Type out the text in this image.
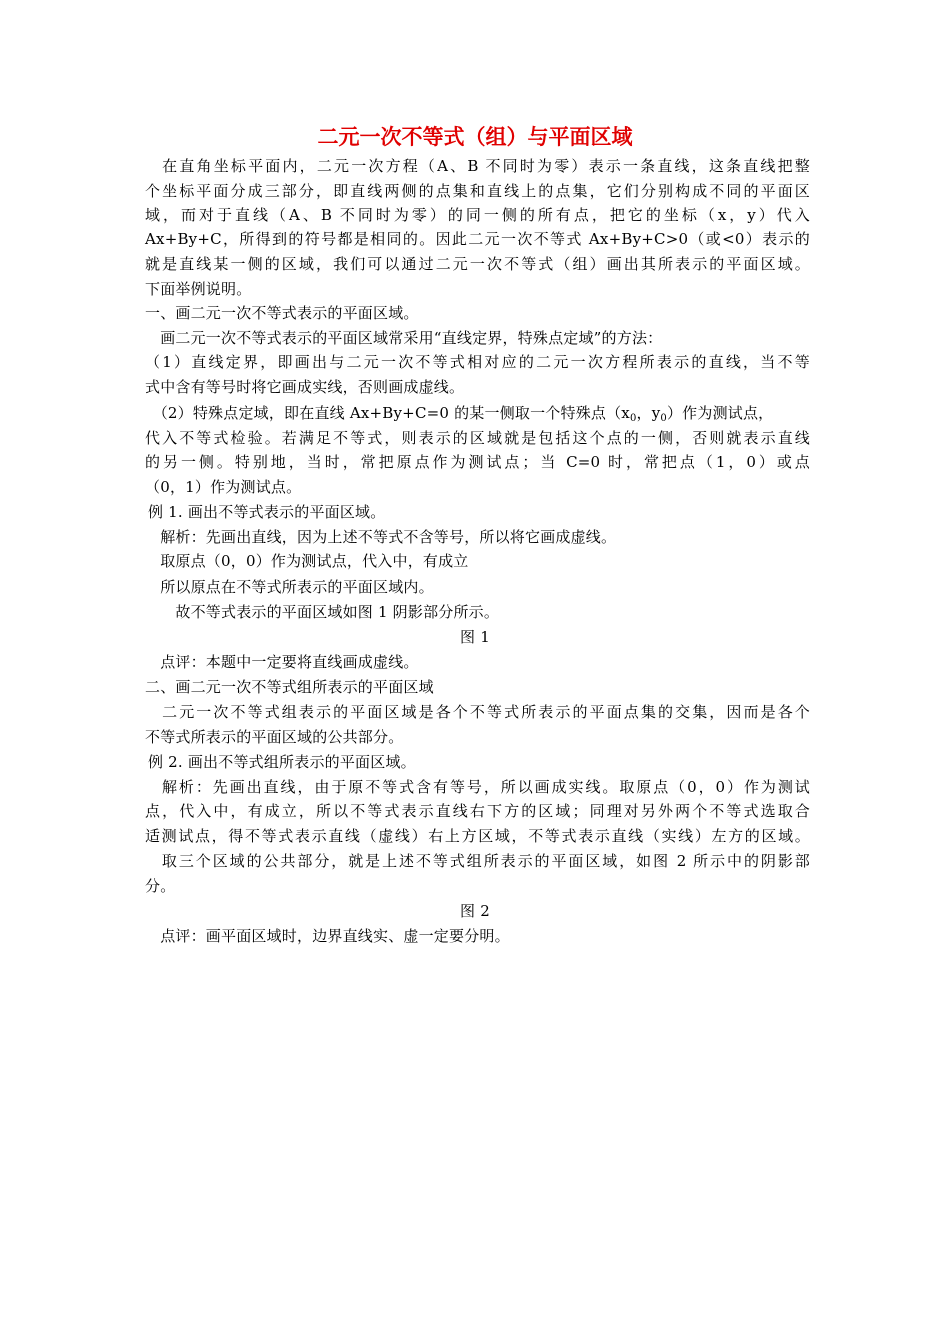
二元一次不等式（组）与平面区域
　在直角坐标平面内，二元一次方程（A、B 不同时为零）表示一条直线，这条直线把整
个坐标平面分成三部分，即直线两侧的点集和直线上的点集，它们分别构成不同的平面区
域，而对于直线（A、B 不同时为零）的同一侧的所有点，把它的坐标（x，y）代入
Ax+By+C，所得到的符号都是相同的。因此二元一次不等式 Ax+By+C>0（或<0）表示的
就是直线某一侧的区域，我们可以通过二元一次不等式（组）画出其所表示的平面区域。
下面举例说明。
一、画二元一次不等式表示的平面区域。
　画二元一次不等式表示的平面区域常采用“直线定界，特殊点定域”的方法：
（1）直线定界，即画出与二元一次不等式相对应的二元一次方程所表示的直线，当不等
式中含有等号时将它画成实线，否则画成虚线。
　（2）特殊点定域，即在直线 Ax+By+C=0 的某一侧取一个特殊点（$x_0$，$y_0$）作为测试点，
代入不等式检验。若满足不等式，则表示的区域就是包括这个点的一侧，否则就表示直线
的另一侧。特别地，当时，常把原点作为测试点；当 C=0 时，常把点（1，0）或点
（0，1）作为测试点。
例 1. 画出不等式表示的平面区域。
　解析：先画出直线，因为上述不等式不含等号，所以将它画成虚线。
　取原点（0，0）作为测试点，代入中，有成立
　所以原点在不等式所表示的平面区域内。
　　故不等式表示的平面区域如图 1 阴影部分所示。
图 1
　点评：本题中一定要将直线画成虚线。
二、画二元一次不等式组所表示的平面区域
　二元一次不等式组表示的平面区域是各个不等式所表示的平面点集的交集，因而是各个
不等式所表示的平面区域的公共部分。
例 2. 画出不等式组所表示的平面区域。
　解析：先画出直线，由于原不等式含有等号，所以画成实线。取原点（0，0）作为测试
点，代入中，有成立，所以不等式表示直线右下方的区域；同理对另外两个不等式选取合
适测试点，得不等式表示直线（虚线）右上方区域，不等式表示直线（实线）左方的区域。
　取三个区域的公共部分，就是上述不等式组所表示的平面区域，如图 2 所示中的阴影部
分。
图 2
　点评：画平面区域时，边界直线实、虚一定要分明。
